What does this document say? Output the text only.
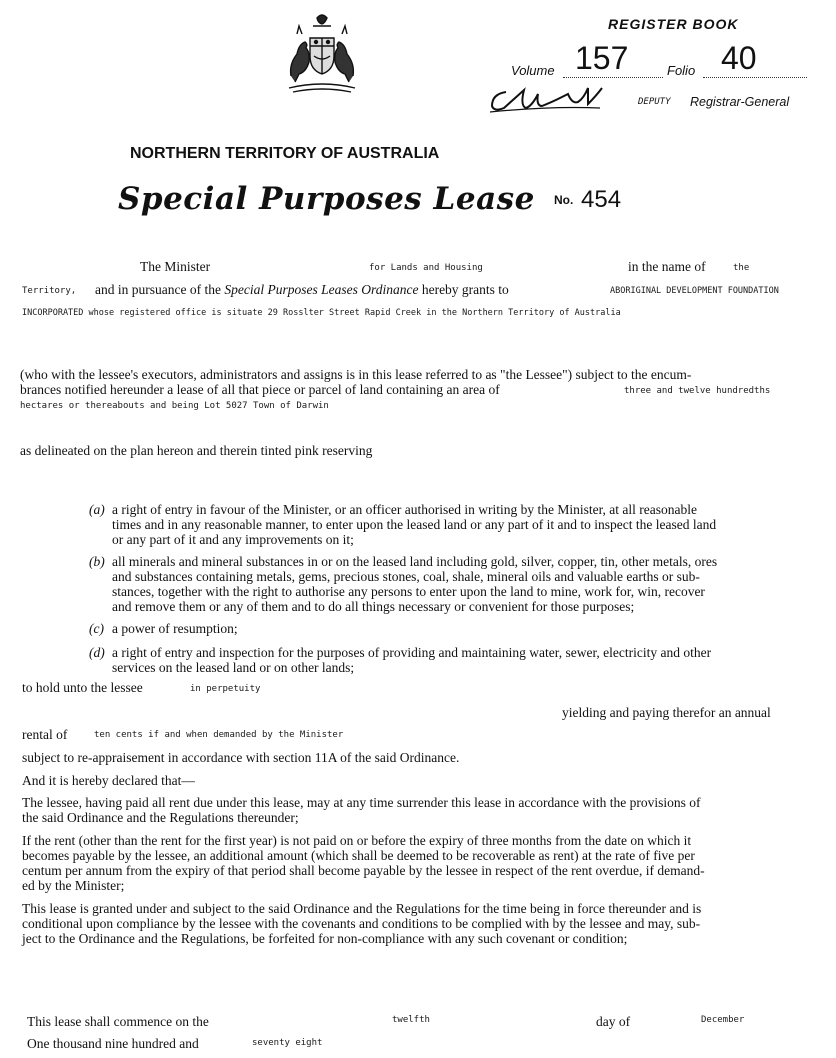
REGISTER BOOK
Volume 157	Folio 40
DEPUTY Registrar-General
NORTHERN TERRITORY OF AUSTRALIA
Special Purposes Lease No. 454
The Minister	for Lands and Housing	in the name of	the
Territory, and in pursuance of the Special Purposes Leases Ordinance hereby grants to	ABORIGINAL DEVELOPMENT FOUNDATION
INCORPORATED whose registered office is situate 29 Rosslter Street Rapid Creek in the Northern Territory of Australia
(who with the lessee's executors, administrators and assigns is in this lease referred to as "the Lessee") subject to the encum-
brances notified hereunder a lease of all that piece or parcel of land containing an area of	three and twelve hundredths
hectares or thereabouts and being Lot 5027 Town of Darwin
as delineated on the plan hereon and therein tinted pink reserving
(a) a right of entry in favour of the Minister, or an officer authorised in writing by the Minister, at all reasonable
times and in any reasonable manner, to enter upon the leased land or any part of it and to inspect the leased land
or any part of it and any improvements on it;
(b) all minerals and mineral substances in or on the leased land including gold, silver, copper, tin, other metals, ores
and substances containing metals, gems, precious stones, coal, shale, mineral oils and valuable earths or sub-
stances, together with the right to authorise any persons to enter upon the land to mine, work for, win, recover
and remove them or any of them and to do all things necessary or convenient for those purposes;
(c) a power of resumption;
(d) a right of entry and inspection for the purposes of providing and maintaining water, sewer, electricity and other
services on the leased land or on other lands;
to hold unto the lessee	in perpetuity
yielding and paying therefor an annual
rental of	ten cents if and when demanded by the Minister
subject to re-appraisement in accordance with section 11A of the said Ordinance.
And it is hereby declared that—
The lessee, having paid all rent due under this lease, may at any time surrender this lease in accordance with the provisions of
the said Ordinance and the Regulations thereunder;
If the rent (other than the rent for the first year) is not paid on or before the expiry of three months from the date on which it
becomes payable by the lessee, an additional amount (which shall be deemed to be recoverable as rent) at the rate of five per
centum per annum from the expiry of that period shall become payable by the lessee in respect of the rent overdue, if demand-
ed by the Minister;
This lease is granted under and subject to the said Ordinance and the Regulations for the time being in force thereunder and is
conditional upon compliance by the lessee with the covenants and conditions to be complied with by the lessee and may, sub-
ject to the Ordinance and the Regulations, be forfeited for non-compliance with any such covenant or condition;
This lease shall commence on the	twelfth	day of	December
One thousand nine hundred and	seventy eight
